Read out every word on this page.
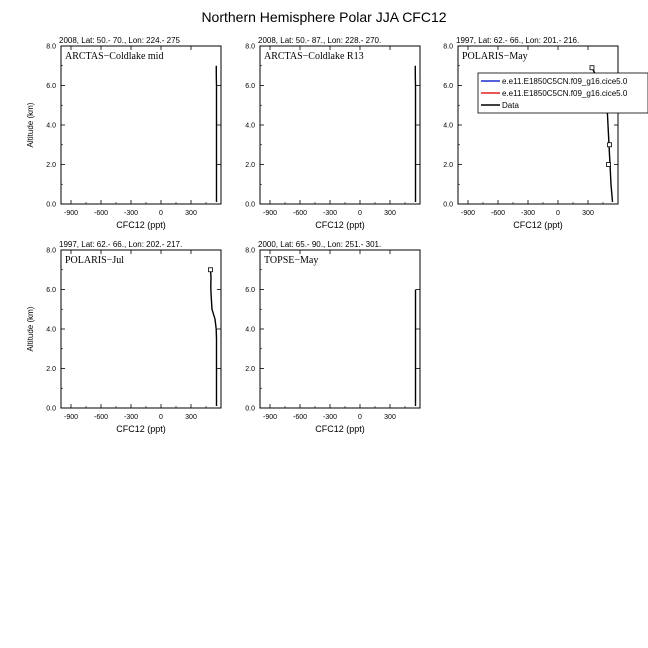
Northern Hemisphere Polar JJA CFC12
2008, Lat: 50.- 70., Lon: 224.- 275
ARCTAS−Coldlake mid
-900 -600 -300	0	300
0.0
2.0
4.0
6.0
8.0
CFC12 (ppt)
Altitude (km)
2008, Lat: 50.- 87., Lon: 228.- 270.
ARCTAS−Coldlake R13
-900 -600 -300	0	300
0.0
2.0
4.0
6.0
8.0
CFC12 (ppt)
1997, Lat: 62.- 66., Lon: 201.- 216.
POLARIS−May
-900 -600 -300	0	300
0.0
2.0
4.0
6.0
8.0
CFC12 (ppt)
1997, Lat: 62.- 66., Lon: 202.- 217.
POLARIS−Jul
-900 -600 -300	0	300
0.0
2.0
4.0
6.0
8.0
CFC12 (ppt)
Altitude (km)
2000, Lat: 65.- 90., Lon: 251.- 301.
TOPSE−May
-900 -600 -300	0	300
0.0
2.0
4.0
6.0
8.0
CFC12 (ppt)
e.e11.E1850C5CN.f09_g16.cice5.0
e.e11.E1850C5CN.f09_g16.cice5.0
Data
